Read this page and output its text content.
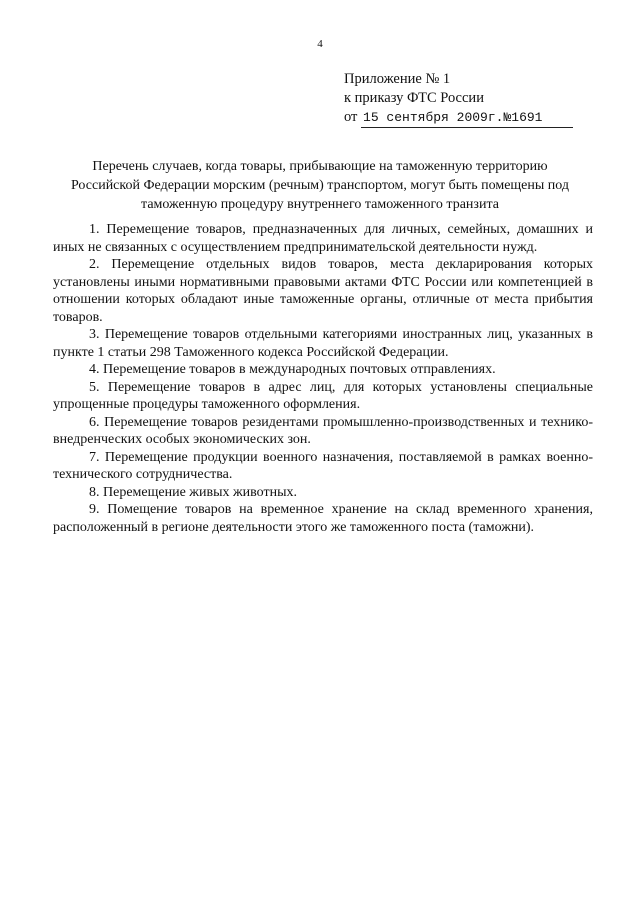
4
Приложение № 1
к приказу ФТС России
от 15 сентября 2009г.№1691
Перечень случаев, когда товары, прибывающие на таможенную территорию Российской Федерации морским (речным) транспортом, могут быть помещены под таможенную процедуру внутреннего таможенного транзита

1. Перемещение товаров, предназначенных для личных, семейных, домашних и иных не связанных с осуществлением предпринимательской деятельности нужд.

2. Перемещение отдельных видов товаров, места декларирования которых установлены иными нормативными правовыми актами ФТС России или компетенцией в отношении которых обладают иные таможенные органы, отличные от места прибытия товаров.

3. Перемещение товаров отдельными категориями иностранных лиц, указанных в пункте 1 статьи 298 Таможенного кодекса Российской Федерации.

4. Перемещение товаров в международных почтовых отправлениях.

5. Перемещение товаров в адрес лиц, для которых установлены специальные упрощенные процедуры таможенного оформления.

6. Перемещение товаров резидентами промышленно-производственных и технико-внедренческих особых экономических зон.

7. Перемещение продукции военного назначения, поставляемой в рамках военно-технического сотрудничества.

8. Перемещение живых животных.

9. Помещение товаров на временное хранение на склад временного хранения, расположенный в регионе деятельности этого же таможенного поста (таможни).
